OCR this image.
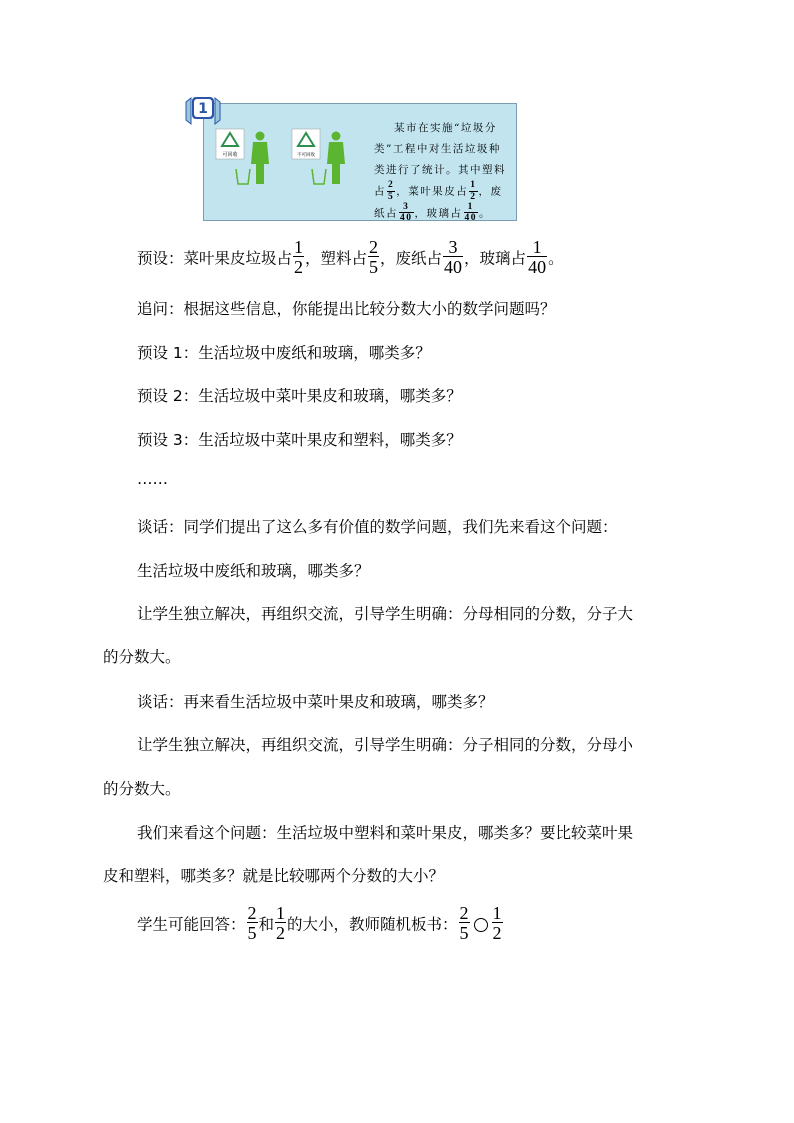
可回收	不可回收
某市在实施“垃圾分
类”工程中对生活垃圾种
类进行了统计。其中塑料
占 $\frac{2}{5}$ ，菜叶果皮占 $\frac{1}{2}$ ，废
纸占 $\frac{3}{40}$ ，玻璃占 $\frac{1}{40}$ 。
1
预设：菜叶果皮垃圾占 $\frac{1}{2}$ ，塑料占 $\frac{2}{5}$ ，废纸占 $\frac{3}{40}$ ，玻璃占 $\frac{1}{40}$ 。
追问：根据这些信息，你能提出比较分数大小的数学问题吗？
预设 1：生活垃圾中废纸和玻璃，哪类多？
预设 2：生活垃圾中菜叶果皮和玻璃，哪类多？
预设 3：生活垃圾中菜叶果皮和塑料，哪类多？
……
谈话：同学们提出了这么多有价值的数学问题，我们先来看这个问题：
生活垃圾中废纸和玻璃，哪类多？
让学生独立解决，再组织交流，引导学生明确：分母相同的分数，分子大
的分数大。
谈话：再来看生活垃圾中菜叶果皮和玻璃，哪类多？
让学生独立解决，再组织交流，引导学生明确：分子相同的分数，分母小
的分数大。
我们来看这个问题：生活垃圾中塑料和菜叶果皮，哪类多？要比较菜叶果
皮和塑料，哪类多？就是比较哪两个分数的大小？
学生可能回答： $\frac{2}{5}$ 和 $\frac{1}{2}$ 的大小，教师随机板书： $\frac{2}{5} \frac{1}{2}$
